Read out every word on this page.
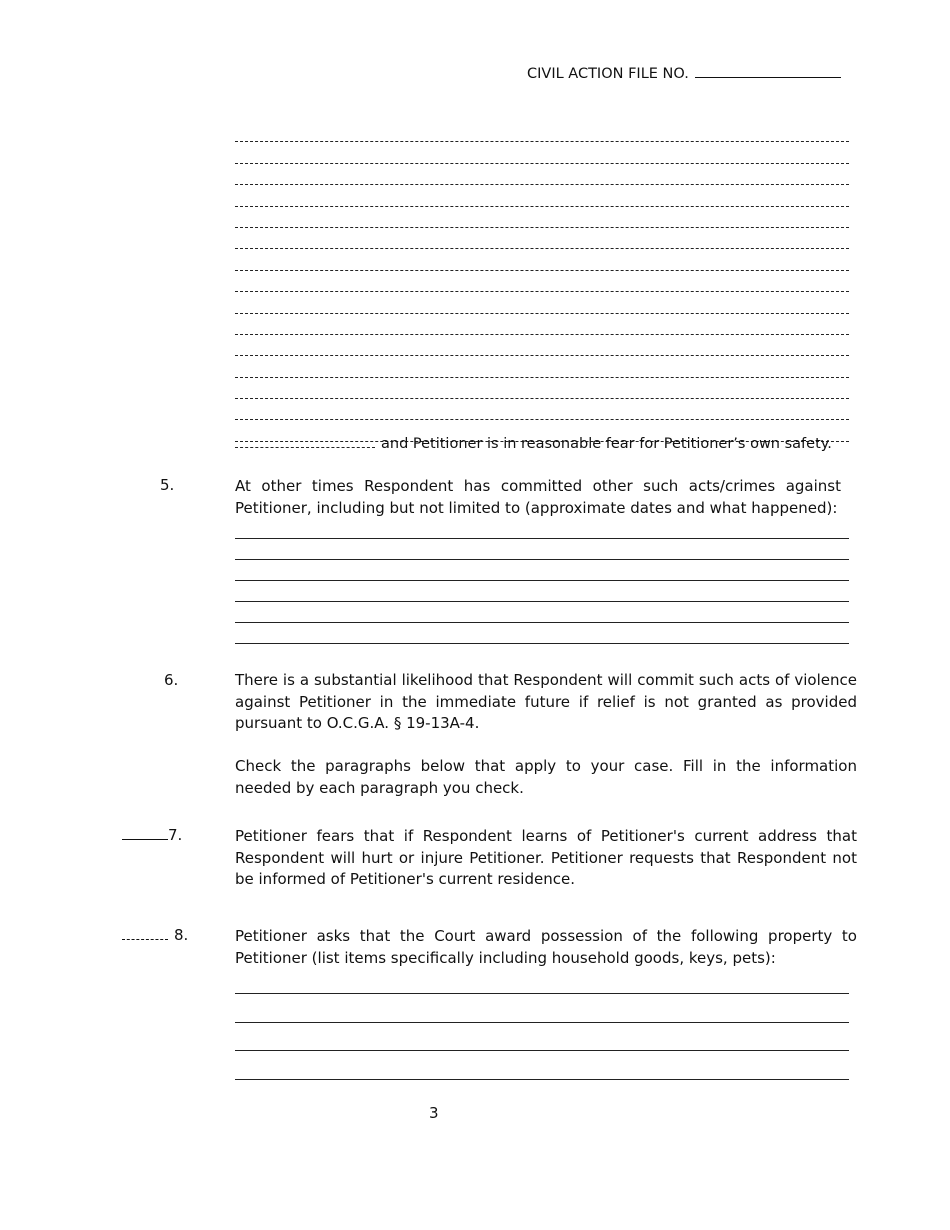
CIVIL ACTION FILE NO.
and Petitioner is in reasonable fear for Petitioner’s own safety.
5.	At other times Respondent has committed other such acts/crimes against Petitioner, including but not limited to (approximate dates and what happened):
6.	There is a substantial likelihood that Respondent will commit such acts of violence against Petitioner in the immediate future if relief is not granted as provided pursuant to O.C.G.A. § 19-13A-4.
Check the paragraphs below that apply to your case. Fill in the information needed by each paragraph you check.
7.	Petitioner fears that if Respondent learns of Petitioner's current address that Respondent will hurt or injure Petitioner. Petitioner requests that Respondent not be informed of Petitioner's current residence.
8.	Petitioner asks that the Court award possession of the following property to Petitioner (list items specifically including household goods, keys, pets):
3
